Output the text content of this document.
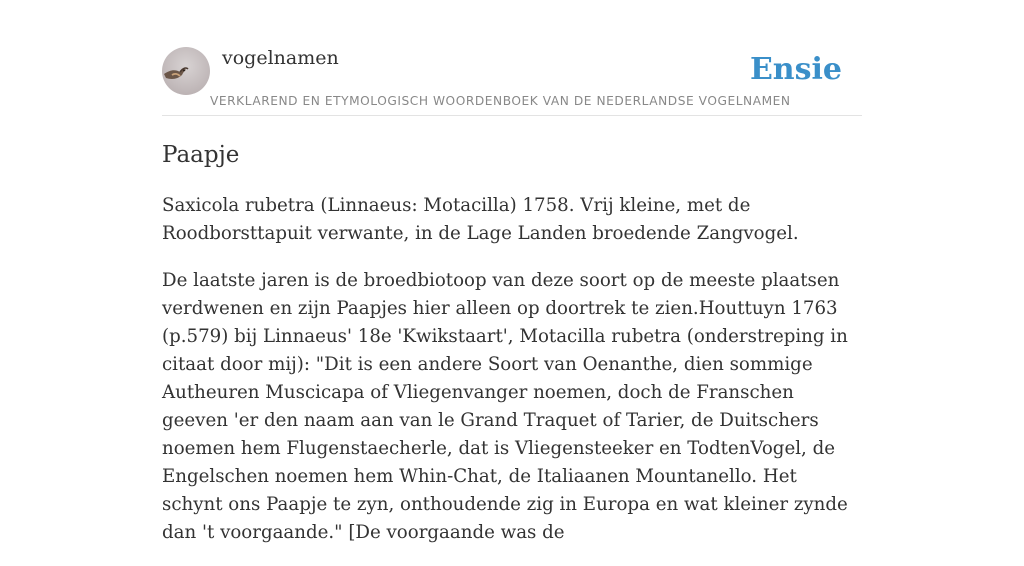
vogelnamen
VERKLAREND EN ETYMOLOGISCH WOORDENBOEK VAN DE NEDERLANDSE VOGELNAMEN
Ensie
Paapje

Saxicola rubetra (Linnaeus: Motacilla) 1758. Vrij kleine, met de Roodborsttapuit verwante, in de Lage Landen broedende Zangvogel.

De laatste jaren is de broedbiotoop van deze soort op de meeste plaatsen verdwenen en zijn Paapjes hier alleen op doortrek te zien.Houttuyn 1763 (p.579) bij Linnaeus' 18e 'Kwikstaart', Motacilla rubetra (onderstreping in citaat door mij): "Dit is een andere Soort van Oenanthe, dien sommige Autheuren Muscicapa of Vliegenvanger noemen, doch de Franschen geeven 'er den naam aan van le Grand Traquet of Tarier, de Duitschers noemen hem Flugenstaecherle, dat is Vliegensteeker en TodtenVogel, de Engelschen noemen hem Whin-Chat, de Italiaanen Mountanello. Het schynt ons Paapje te zyn, onthoudende zig in Europa en wat kleiner zynde dan 't voorgaande." [De voorgaande was de
